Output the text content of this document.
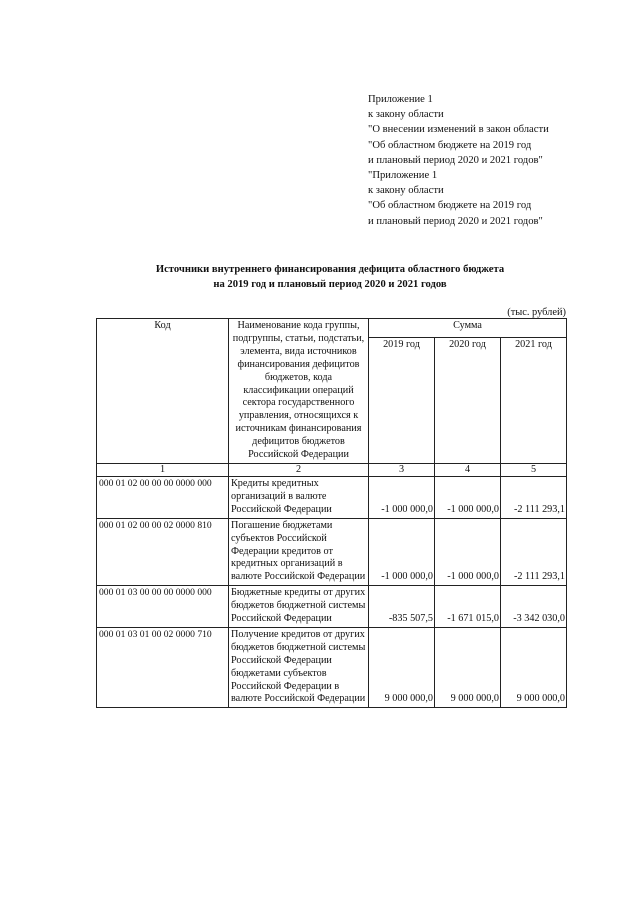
Приложение 1
к закону области
"О внесении изменений в закон области
"Об областном бюджете на 2019 год
и плановый период 2020 и 2021 годов"
"Приложение 1
к закону области
"Об областном бюджете на 2019 год
и плановый период 2020 и 2021 годов"
Источники внутреннего финансирования дефицита областного бюджета
на 2019 год и плановый период 2020 и 2021 годов
(тыс. рублей)
Код	Наименование кода группы, подгруппы, статьи, подстатьи, элемента, вида источников финансирования дефицитов бюджетов, кода классификации операций сектора государственного управления, относящихся к источникам финансирования дефицитов бюджетов Российской Федерации	Сумма		
		2019 год	2020 год	2021 год
1	2	3	4	5
000 01 02 00 00 00 0000 000	Кредиты кредитных организаций в валюте Российской Федерации	-1 000 000,0	-1 000 000,0	-2 111 293,1
000 01 02 00 00 02 0000 810	Погашение бюджетами субъектов Российской Федерации кредитов от кредитных организаций в валюте Российской Федерации	-1 000 000,0	-1 000 000,0	-2 111 293,1
000 01 03 00 00 00 0000 000	Бюджетные кредиты от других бюджетов бюджетной системы Российской Федерации	-835 507,5	-1 671 015,0	-3 342 030,0
000 01 03 01 00 02 0000 710	Получение кредитов от других бюджетов бюджетной системы Российской Федерации бюджетами субъектов Российской Федерации в валюте Российской Федерации	9 000 000,0	9 000 000,0	9 000 000,0
